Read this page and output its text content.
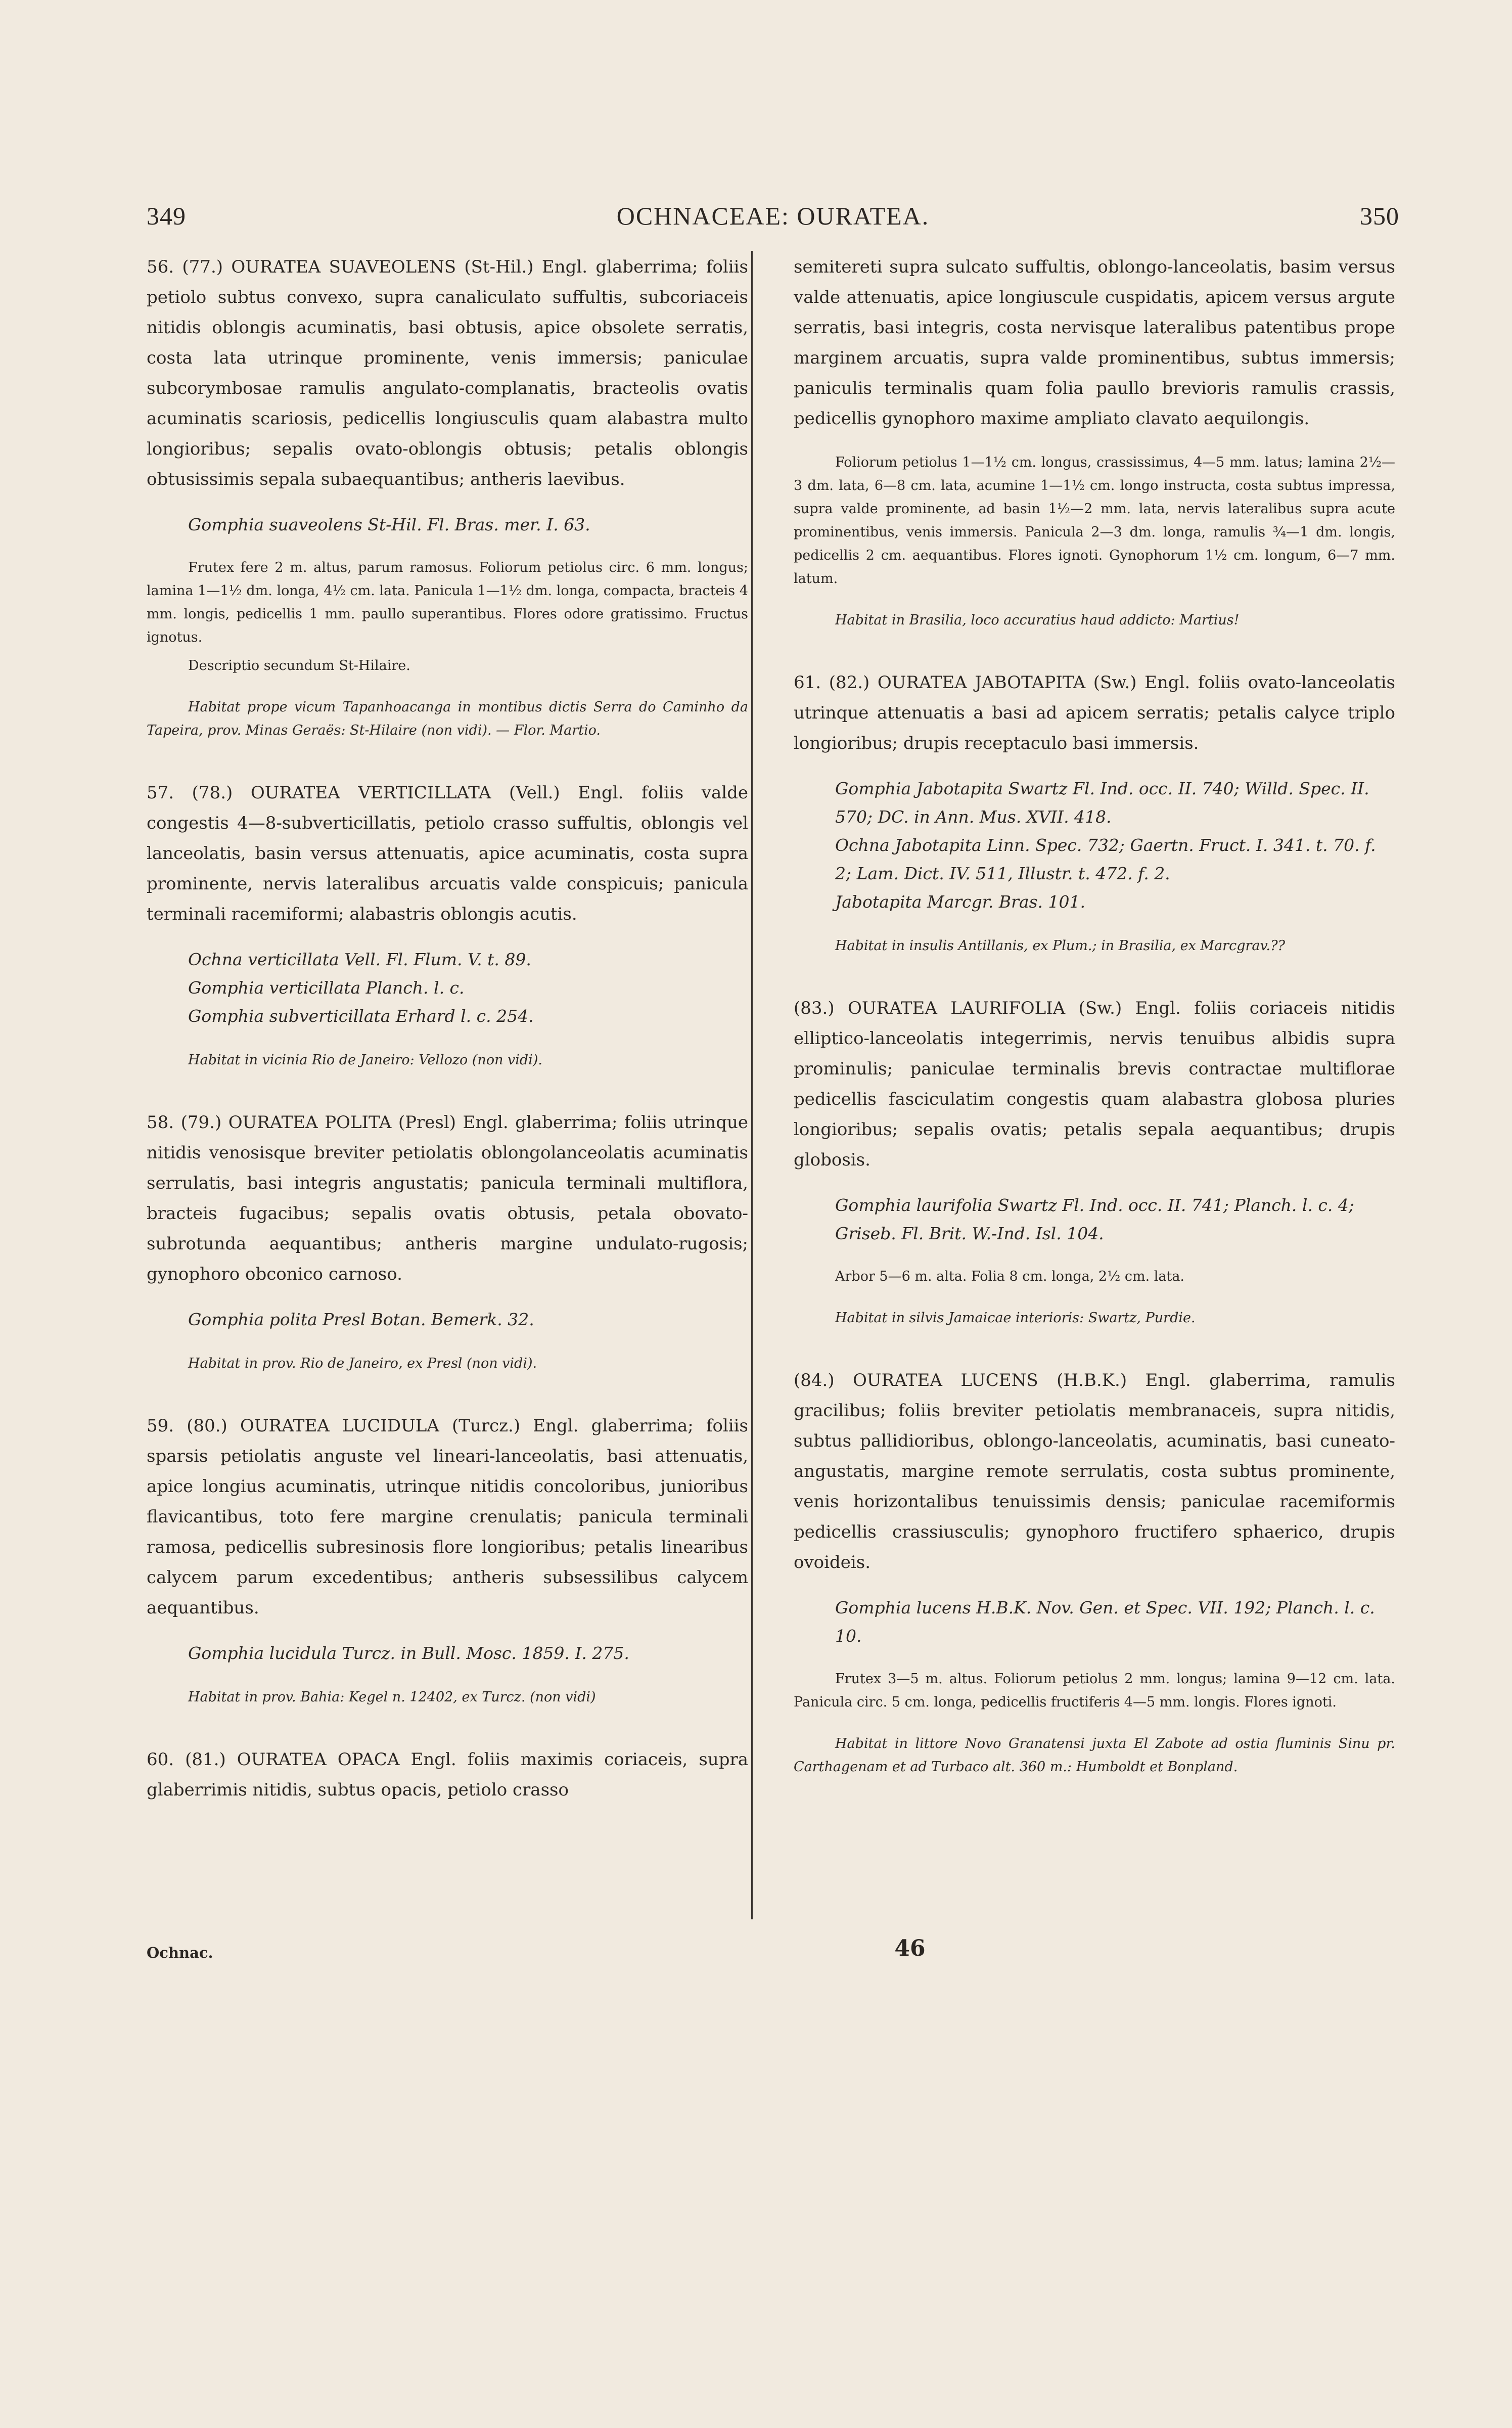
349	OCHNACEAE: OURATEA.	350

56. (77.) OURATEA SUAVEOLENS (St-Hil.) Engl. glaberrima; foliis petiolo subtus convexo, supra canaliculato suffultis, subcoriaceis nitidis oblongis acuminatis, basi obtusis, apice obsolete serratis, costa lata utrinque prominente, venis immersis; paniculae subcorymbosae ramulis angulato-complanatis, bracteolis ovatis acuminatis scariosis, pedicellis longiusculis quam alabastra multo longioribus; sepalis ovato-oblongis obtusis; petalis oblongis obtusissimis sepala subaequantibus; antheris laevibus.

Gomphia suaveolens St-Hil. Fl. Bras. mer. I. 63.

Frutex fere 2 m. altus, parum ramosus. Foliorum petiolus circ. 6 mm. longus; lamina 1—1½ dm. longa, 4½ cm. lata. Panicula 1—1½ dm. longa, compacta, bracteis 4 mm. longis, pedicellis 1 mm. paullo superantibus. Flores odore gratissimo. Fructus ignotus.

Descriptio secundum St-Hilaire.

Habitat prope vicum Tapanhoacanga in montibus dictis Serra do Caminho da Tapeira, prov. Minas Geraës: St-Hilaire (non vidi). — Flor. Martio.

57. (78.) OURATEA VERTICILLATA (Vell.) Engl. foliis valde congestis 4—8-subverticillatis, petiolo crasso suffultis, oblongis vel lanceolatis, basin versus attenuatis, apice acuminatis, costa supra prominente, nervis lateralibus arcuatis valde conspicuis; panicula terminali racemiformi; alabastris oblongis acutis.

Ochna verticillata Vell. Fl. Flum. V. t. 89.
Gomphia verticillata Planch. l. c.
Gomphia subverticillata Erhard l. c. 254.

Habitat in vicinia Rio de Janeiro: Vellozo (non vidi).

58. (79.) OURATEA POLITA (Presl) Engl. glaberrima; foliis utrinque nitidis venosisque breviter petiolatis oblongolanceolatis acuminatis serrulatis, basi integris angustatis; panicula terminali multiflora, bracteis fugacibus; sepalis ovatis obtusis, petala obovato-subrotunda aequantibus; antheris margine undulato-rugosis; gynophoro obconico carnoso.

Gomphia polita Presl Botan. Bemerk. 32.

Habitat in prov. Rio de Janeiro, ex Presl (non vidi).

59. (80.) OURATEA LUCIDULA (Turcz.) Engl. glaberrima; foliis sparsis petiolatis anguste vel lineari-lanceolatis, basi attenuatis, apice longius acuminatis, utrinque nitidis concoloribus, junioribus flavicantibus, toto fere margine crenulatis; panicula terminali ramosa, pedicellis subresinosis flore longioribus; petalis linearibus calycem parum excedentibus; antheris subsessilibus calycem aequantibus.

Gomphia lucidula Turcz. in Bull. Mosc. 1859. I. 275.

Habitat in prov. Bahia: Kegel n. 12402, ex Turcz. (non vidi)

60. (81.) OURATEA OPACA Engl. foliis maximis coriaceis, supra glaberrimis nitidis, subtus opacis, petiolo crasso

semitereti supra sulcato suffultis, oblongo-lanceolatis, basim versus valde attenuatis, apice longiuscule cuspidatis, apicem versus argute serratis, basi integris, costa nervisque lateralibus patentibus prope marginem arcuatis, supra valde prominentibus, subtus immersis; paniculis terminalis quam folia paullo brevioris ramulis crassis, pedicellis gynophoro maxime ampliato clavato aequilongis.

Foliorum petiolus 1—1½ cm. longus, crassissimus, 4—5 mm. latus; lamina 2½—3 dm. lata, 6—8 cm. lata, acumine 1—1½ cm. longo instructa, costa subtus impressa, supra valde prominente, ad basin 1½—2 mm. lata, nervis lateralibus supra acute prominentibus, venis immersis. Panicula 2—3 dm. longa, ramulis ¾—1 dm. longis, pedicellis 2 cm. aequantibus. Flores ignoti. Gynophorum 1½ cm. longum, 6—7 mm. latum.

Habitat in Brasilia, loco accuratius haud addicto: Martius!

61. (82.) OURATEA JABOTAPITA (Sw.) Engl. foliis ovato-lanceolatis utrinque attenuatis a basi ad apicem serratis; petalis calyce triplo longioribus; drupis receptaculo basi immersis.

Gomphia Jabotapita Swartz Fl. Ind. occ. II. 740; Willd. Spec. II. 570; DC. in Ann. Mus. XVII. 418.
Ochna Jabotapita Linn. Spec. 732; Gaertn. Fruct. I. 341. t. 70. f. 2; Lam. Dict. IV. 511, Illustr. t. 472. f. 2.
Jabotapita Marcgr. Bras. 101.

Habitat in insulis Antillanis, ex Plum.; in Brasilia, ex Marcgrav.??

(83.) OURATEA LAURIFOLIA (Sw.) Engl. foliis coriaceis nitidis elliptico-lanceolatis integerrimis, nervis tenuibus albidis supra prominulis; paniculae terminalis brevis contractae multiflorae pedicellis fasciculatim congestis quam alabastra globosa pluries longioribus; sepalis ovatis; petalis sepala aequantibus; drupis globosis.

Gomphia laurifolia Swartz Fl. Ind. occ. II. 741; Planch. l. c. 4; Griseb. Fl. Brit. W.-Ind. Isl. 104.

Arbor 5—6 m. alta. Folia 8 cm. longa, 2½ cm. lata.

Habitat in silvis Jamaicae interioris: Swartz, Purdie.

(84.) OURATEA LUCENS (H.B.K.) Engl. glaberrima, ramulis gracilibus; foliis breviter petiolatis membranaceis, supra nitidis, subtus pallidioribus, oblongo-lanceolatis, acuminatis, basi cuneato-angustatis, margine remote serrulatis, costa subtus prominente, venis horizontalibus tenuissimis densis; paniculae racemiformis pedicellis crassiusculis; gynophoro fructifero sphaerico, drupis ovoideis.

Gomphia lucens H.B.K. Nov. Gen. et Spec. VII. 192; Planch. l. c. 10.

Frutex 3—5 m. altus. Foliorum petiolus 2 mm. longus; lamina 9—12 cm. lata. Panicula circ. 5 cm. longa, pedicellis fructiferis 4—5 mm. longis. Flores ignoti.

Habitat in littore Novo Granatensi juxta El Zabote ad ostia fluminis Sinu pr. Carthagenam et ad Turbaco alt. 360 m.: Humboldt et Bonpland.

Ochnac.	46
